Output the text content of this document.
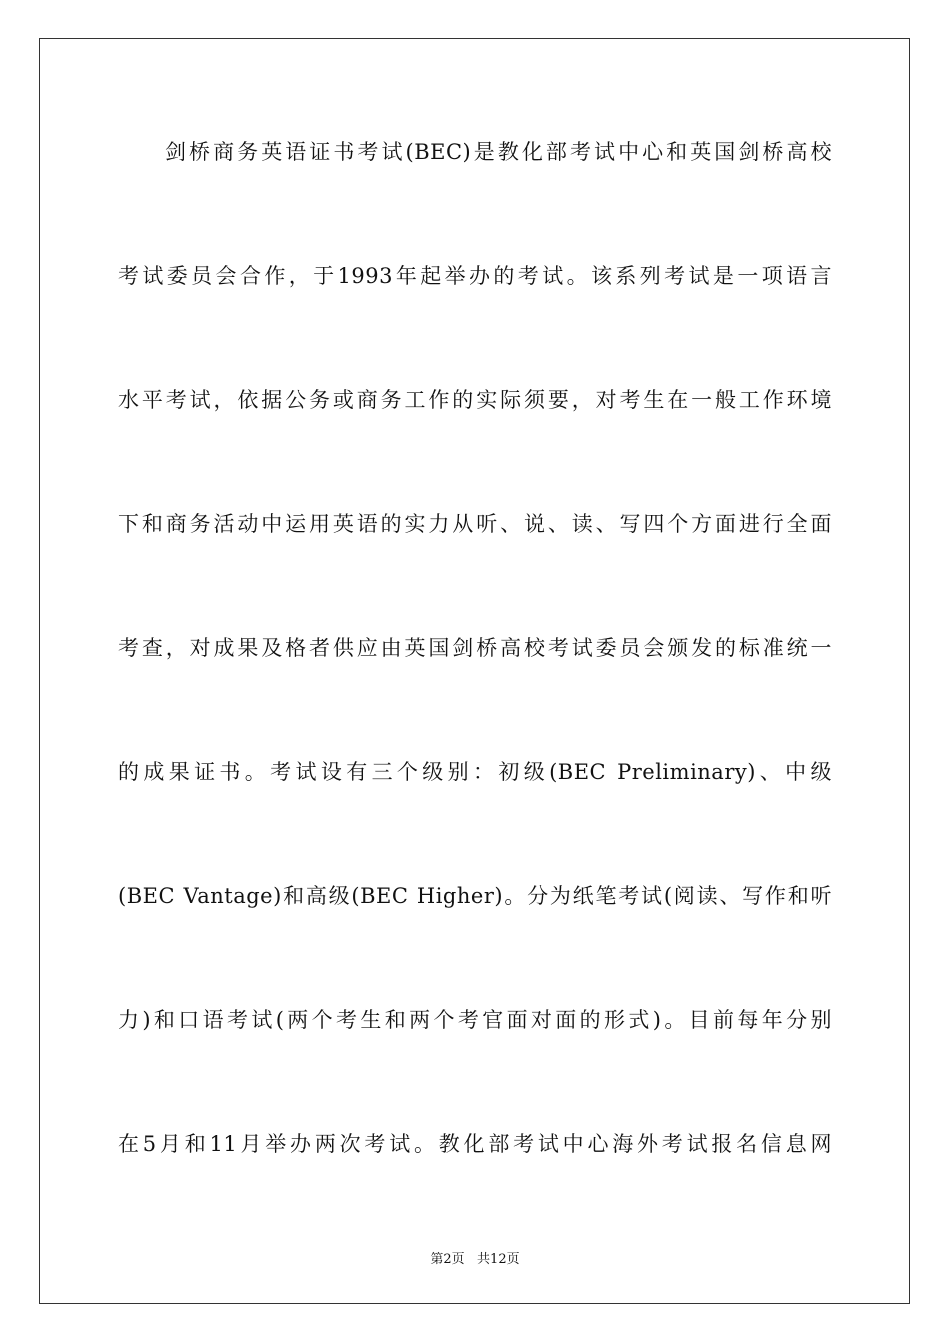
剑桥商务英语证书考试(BEC)是教化部考试中心和英国剑桥高校
考试委员会合作，于1993年起举办的考试。该系列考试是一项语言
水平考试，依据公务或商务工作的实际须要，对考生在一般工作环境
下和商务活动中运用英语的实力从听、说、读、写四个方面进行全面
考查，对成果及格者供应由英国剑桥高校考试委员会颁发的标准统一
的成果证书。考试设有三个级别：初级(BEC Preliminary)、中级
(BEC Vantage)和高级(BEC Higher)。分为纸笔考试(阅读、写作和听
力)和口语考试(两个考生和两个考官面对面的形式)。目前每年分别
在5月和11月举办两次考试。教化部考试中心海外考试报名信息网
第2页   共12页
